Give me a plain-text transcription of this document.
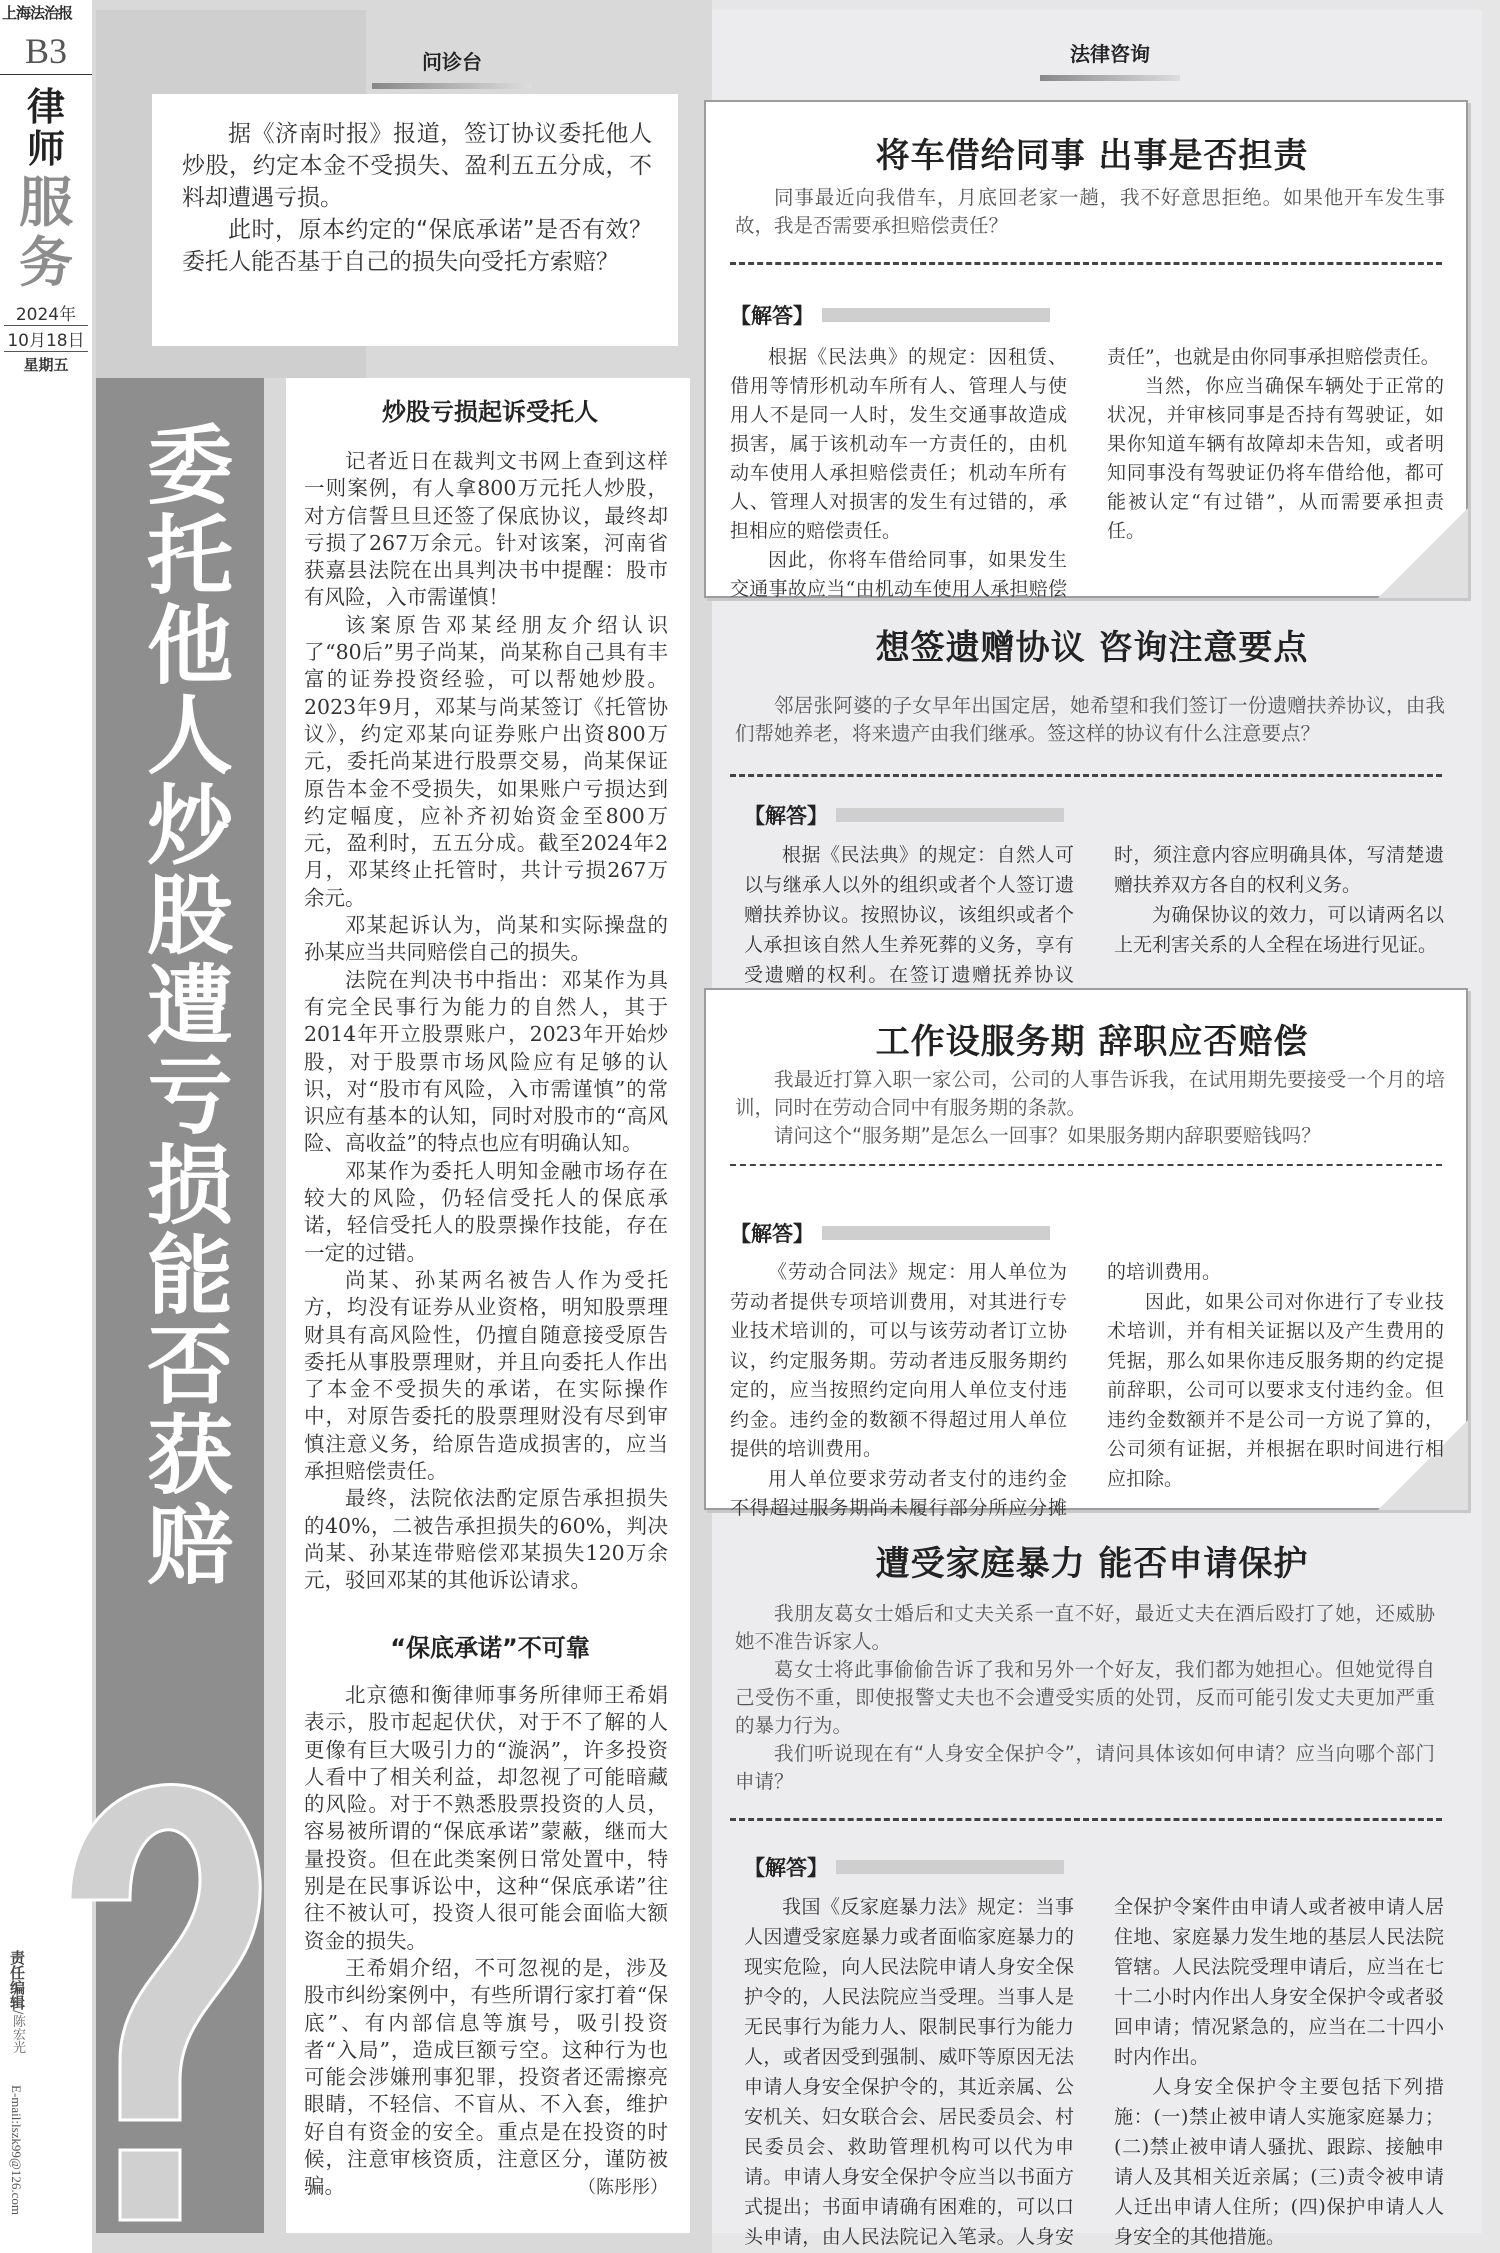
上海法治报
B3
律
师
服
务
2024年
10月18日
星期五
责任编辑/陈宏光
E-mail:lszk99@126.com
委托他人炒股遭亏损能否获赔
问诊台

据《济南时报》报道，签订协议委托他人炒股，约定本金不受损失、盈利五五分成，不料却遭遇亏损。

此时，原本约定的“保底承诺”是否有效？委托人能否基于自己的损失向受托方索赔？

炒股亏损起诉受托人

记者近日在裁判文书网上查到这样一则案例，有人拿800万元托人炒股，对方信誓旦旦还签了保底协议，最终却亏损了267万余元。针对该案，河南省获嘉县法院在出具判决书中提醒：股市有风险，入市需谨慎！

该案原告邓某经朋友介绍认识了“80后”男子尚某，尚某称自己具有丰富的证券投资经验，可以帮她炒股。2023年9月，邓某与尚某签订《托管协议》，约定邓某向证券账户出资800万元，委托尚某进行股票交易，尚某保证原告本金不受损失，如果账户亏损达到约定幅度，应补齐初始资金至800万元，盈利时，五五分成。截至2024年2月，邓某终止托管时，共计亏损267万余元。

邓某起诉认为，尚某和实际操盘的孙某应当共同赔偿自己的损失。

法院在判决书中指出：邓某作为具有完全民事行为能力的自然人，其于2014年开立股票账户，2023年开始炒股，对于股票市场风险应有足够的认识，对“股市有风险，入市需谨慎”的常识应有基本的认知，同时对股市的“高风险、高收益”的特点也应有明确认知。

邓某作为委托人明知金融市场存在较大的风险，仍轻信受托人的保底承诺，轻信受托人的股票操作技能，存在一定的过错。

尚某、孙某两名被告人作为受托方，均没有证券从业资格，明知股票理财具有高风险性，仍擅自随意接受原告委托从事股票理财，并且向委托人作出了本金不受损失的承诺，在实际操作中，对原告委托的股票理财没有尽到审慎注意义务，给原告造成损害的，应当承担赔偿责任。

最终，法院依法酌定原告承担损失的40%，二被告承担损失的60%，判决尚某、孙某连带赔偿邓某损失120万余元，驳回邓某的其他诉讼请求。

“保底承诺”不可靠

北京德和衡律师事务所律师王希娟表示，股市起起伏伏，对于不了解的人更像有巨大吸引力的“漩涡”，许多投资人看中了相关利益，却忽视了可能暗藏的风险。对于不熟悉股票投资的人员，容易被所谓的“保底承诺”蒙蔽，继而大量投资。但在此类案例日常处置中，特别是在民事诉讼中，这种“保底承诺”往往不被认可，投资人很可能会面临大额资金的损失。

王希娟介绍，不可忽视的是，涉及股市纠纷案例中，有些所谓行家打着“保底”、有内部信息等旗号，吸引投资者“入局”，造成巨额亏空。这种行为也可能会涉嫌刑事犯罪，投资者还需擦亮眼睛，不轻信、不盲从、不入套，维护好自有资金的安全。重点是在投资的时候，注意审核资质，注意区分，谨防被骗。	（陈彤彤）
法律咨询
将车借给同事 出事是否担责

同事最近向我借车，月底回老家一趟，我不好意思拒绝。如果他开车发生事故，我是否需要承担赔偿责任？

【解答】

根据《民法典》的规定：因租赁、借用等情形机动车所有人、管理人与使用人不是同一人时，发生交通事故造成损害，属于该机动车一方责任的，由机动车使用人承担赔偿责任；机动车所有人、管理人对损害的发生有过错的，承担相应的赔偿责任。

因此，你将车借给同事，如果发生交通事故应当“由机动车使用人承担赔偿责任”，也就是由你同事承担赔偿责任。

当然，你应当确保车辆处于正常的状况，并审核同事是否持有驾驶证，如果你知道车辆有故障却未告知，或者明知同事没有驾驶证仍将车借给他，都可能被认定“有过错”，从而需要承担责任。

想签遗赠协议 咨询注意要点

邻居张阿婆的子女早年出国定居，她希望和我们签订一份遗赠扶养协议，由我们帮她养老，将来遗产由我们继承。签这样的协议有什么注意要点？

【解答】

根据《民法典》的规定：自然人可以与继承人以外的组织或者个人签订遗赠扶养协议。按照协议，该组织或者个人承担该自然人生养死葬的义务，享有受遗赠的权利。在签订遗赠抚养协议时，须注意内容应明确具体，写清楚遗赠扶养双方各自的权利义务。

为确保协议的效力，可以请两名以上无利害关系的人全程在场进行见证。

工作设服务期 辞职应否赔偿

我最近打算入职一家公司，公司的人事告诉我，在试用期先要接受一个月的培训，同时在劳动合同中有服务期的条款。

请问这个“服务期”是怎么一回事？如果服务期内辞职要赔钱吗？

【解答】

《劳动合同法》规定：用人单位为劳动者提供专项培训费用，对其进行专业技术培训的，可以与该劳动者订立协议，约定服务期。劳动者违反服务期约定的，应当按照约定向用人单位支付违约金。违约金的数额不得超过用人单位提供的培训费用。

用人单位要求劳动者支付的违约金不得超过服务期尚未履行部分所应分摊的培训费用。

因此，如果公司对你进行了专业技术培训，并有相关证据以及产生费用的凭据，那么如果你违反服务期的约定提前辞职，公司可以要求支付违约金。但违约金数额并不是公司一方说了算的，公司须有证据，并根据在职时间进行相应扣除。

遭受家庭暴力 能否申请保护

我朋友葛女士婚后和丈夫关系一直不好，最近丈夫在酒后殴打了她，还威胁她不准告诉家人。

葛女士将此事偷偷告诉了我和另外一个好友，我们都为她担心。但她觉得自己受伤不重，即使报警丈夫也不会遭受实质的处罚，反而可能引发丈夫更加严重的暴力行为。

我们听说现在有“人身安全保护令”，请问具体该如何申请？应当向哪个部门申请？

【解答】

我国《反家庭暴力法》规定：当事人因遭受家庭暴力或者面临家庭暴力的现实危险，向人民法院申请人身安全保护令的，人民法院应当受理。当事人是无民事行为能力人、限制民事行为能力人，或者因受到强制、威吓等原因无法申请人身安全保护令的，其近亲属、公安机关、妇女联合会、居民委员会、村民委员会、救助管理机构可以代为申请。申请人身安全保护令应当以书面方式提出；书面申请确有困难的，可以口头申请，由人民法院记入笔录。人身安全保护令案件由申请人或者被申请人居住地、家庭暴力发生地的基层人民法院管辖。人民法院受理申请后，应当在七十二小时内作出人身安全保护令或者驳回申请；情况紧急的，应当在二十四小时内作出。

人身安全保护令主要包括下列措施：(一)禁止被申请人实施家庭暴力；(二)禁止被申请人骚扰、跟踪、接触申请人及其相关近亲属；(三)责令被申请人迁出申请人住所；(四)保护申请人人身安全的其他措施。
